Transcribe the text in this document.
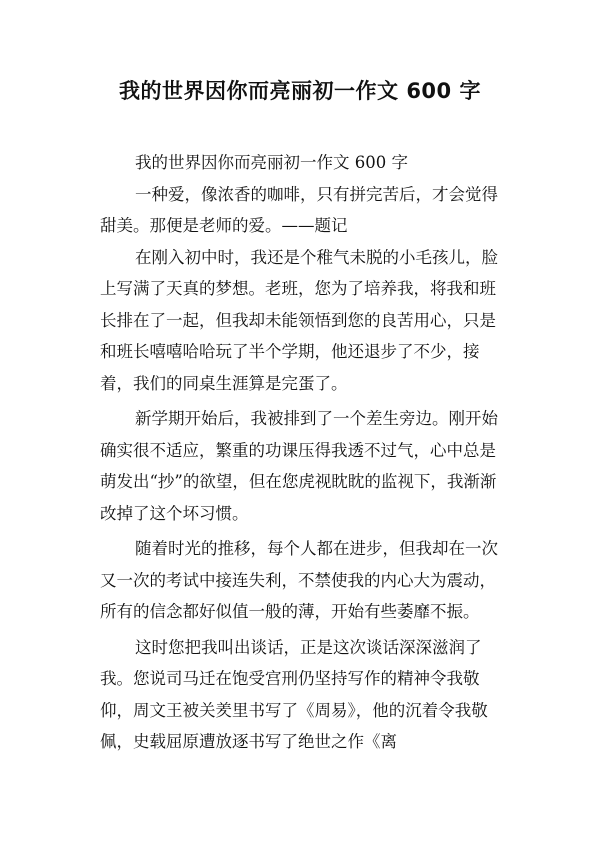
我的世界因你而亮丽初一作文 600 字

我的世界因你而亮丽初一作文 600 字

一种爱，像浓香的咖啡，只有拼完苦后，才会觉得甜美。那便是老师的爱。——题记

在刚入初中时，我还是个稚气未脱的小毛孩儿，脸上写满了天真的梦想。老班，您为了培养我，将我和班长排在了一起，但我却未能领悟到您的良苦用心，只是和班长嘻嘻哈哈玩了半个学期，他还退步了不少，接着，我们的同桌生涯算是完蛋了。

新学期开始后，我被排到了一个差生旁边。刚开始确实很不适应，繁重的功课压得我透不过气，心中总是萌发出“抄”的欲望，但在您虎视眈眈的监视下，我渐渐改掉了这个坏习惯。

随着时光的推移，每个人都在进步，但我却在一次又一次的考试中接连失利，不禁使我的内心大为震动，所有的信念都好似值一般的薄，开始有些萎靡不振。

这时您把我叫出谈话，正是这次谈话深深滋润了我。您说司马迁在饱受宫刑仍坚持写作的精神令我敬仰，周文王被关羑里书写了《周易》，他的沉着令我敬佩，史载屈原遭放逐书写了绝世之作《离
